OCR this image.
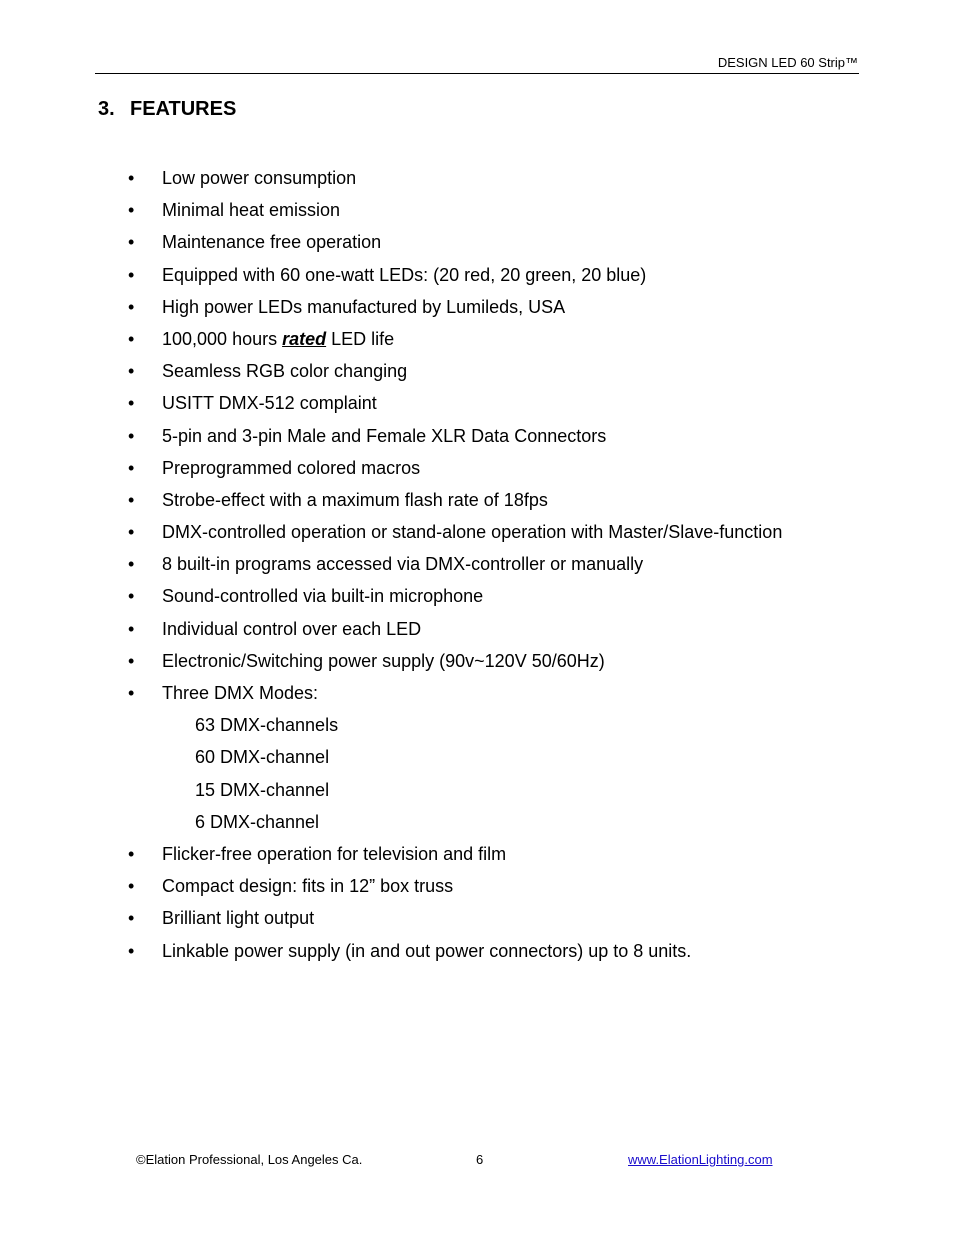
DESIGN LED 60 Strip™
3. FEATURES
• Low power consumption
• Minimal heat emission
• Maintenance free operation
• Equipped with 60 one-watt LEDs: (20 red, 20 green, 20 blue)
• High power LEDs manufactured by Lumileds, USA
• 100,000 hours rated LED life
• Seamless RGB color changing
• USITT DMX-512 complaint
• 5-pin and 3-pin Male and Female XLR Data Connectors
• Preprogrammed colored macros
• Strobe-effect with a maximum flash rate of 18fps
• DMX-controlled operation or stand-alone operation with Master/Slave-function
• 8 built-in programs accessed via DMX-controller or manually
• Sound-controlled via built-in microphone
• Individual control over each LED
• Electronic/Switching power supply (90v~120V 50/60Hz)
• Three DMX Modes:
63 DMX-channels
60 DMX-channel
15 DMX-channel
6 DMX-channel
• Flicker-free operation for television and film
• Compact design: fits in 12” box truss
• Brilliant light output
• Linkable power supply (in and out power connectors) up to 8 units.
©Elation Professional, Los Angeles Ca.	6	www.ElationLighting.com
